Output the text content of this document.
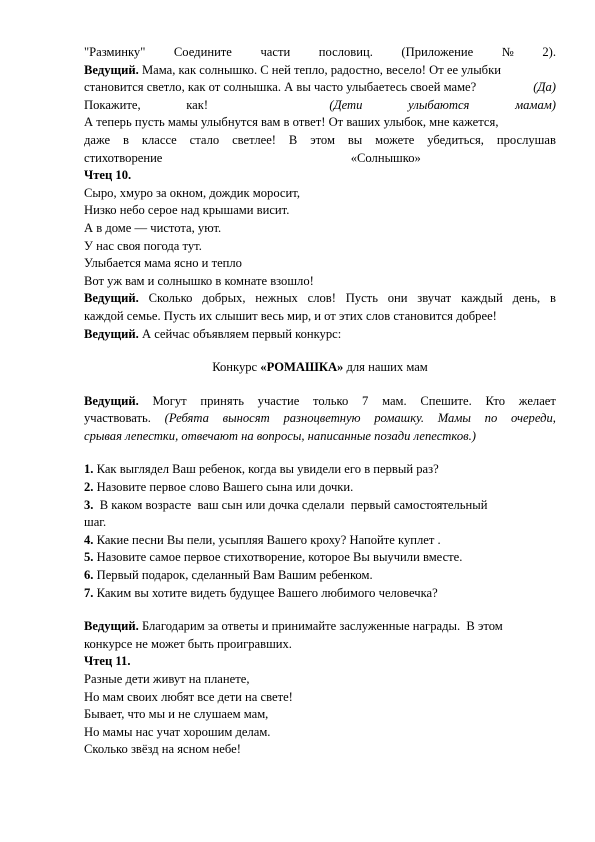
"Разминку" Соедините части пословиц. (Приложение № 2).
Ведущий. Мама, как солнышко. С ней тепло, радостно, весело! От ее улыбки
становится светло, как от солнышка. А вы часто улыбаетесь своей маме?	(Да)
Покажите,	как!	(Дети	улыбаются	мамам)
А теперь пусть мамы улыбнутся вам в ответ! От ваших улыбок, мне кажется,
даже в классе стало светлее! В этом вы можете убедиться, прослушав
стихотворение	«Солнышко»
Чтец 10.
Сыро, хмуро за окном, дождик моросит,
Низко небо серое над крышами висит.
А в доме — чистота, уют.
У нас своя погода тут.
Улыбается мама ясно и тепло
Вот уж вам и солнышко в комнате взошло!
Ведущий. Сколько добрых, нежных слов! Пусть они звучат каждый день, в
каждой семье. Пусть их слышит весь мир, и от этих слов становится добрее!
Ведущий. А сейчас объявляем первый конкурс:
Конкурс «РОМАШКА» для наших мам
Ведущий. Могут принять участие только 7 мам. Спешите. Кто желает
участвовать. (Ребята выносят разноцветную ромашку. Мамы по очереди,
срывая лепестки, отвечают на вопросы, написанные позади лепестков.)
1. Как выглядел Ваш ребенок, когда вы увидели его в первый раз?
2. Назовите первое слово Вашего сына или дочки.
3.  В каком возрасте  ваш сын или дочка сделали  первый самостоятельный
шаг.
4. Какие песни Вы пели, усыпляя Вашего кроху? Напойте куплет .
5. Назовите самое первое стихотворение, которое Вы выучили вместе.
6. Первый подарок, сделанный Вам Вашим ребенком.
7. Каким вы хотите видеть будущее Вашего любимого человечка?
Ведущий. Благодарим за ответы и принимайте заслуженные награды.  В этом
конкурсе не может быть проигравших.
Чтец 11.
Разные дети живут на планете,
Но мам своих любят все дети на свете!
Бывает, что мы и не слушаем мам,
Но мамы нас учат хорошим делам.
Сколько звёзд на ясном небе!
